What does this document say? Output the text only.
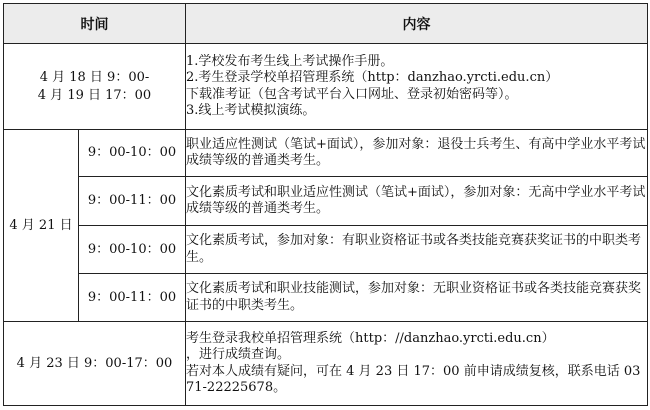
时间		内容

4 月 18 日 9：00-
4 月 19 日 17：00		1.学校发布考生线上考试操作手册。
2.考生登录学校单招管理系统（http：danzhao.yrcti.edu.cn）
下载准考证（包含考试平台入口网址、登录初始密码等）。
3.线上考试模拟演练。

4 月 21 日	9：00-10：00	职业适应性测试（笔试+面试），参加对象：退役士兵考生、有高中学业水平考试成绩等级的普通类考生。

	9：00-11：00	文化素质考试和职业适应性测试（笔试+面试），参加对象：无高中学业水平考试成绩等级的普通类考生。

	9：00-10：00	文化素质考试，参加对象：有职业资格证书或各类技能竞赛获奖证书的中职类考生。

	9：00-11：00	文化素质考试和职业技能测试，参加对象：无职业资格证书或各类技能竞赛获奖证书的中职类考生。

4 月 23 日 9：00-17：00		考生登录我校单招管理系统（http：//danzhao.yrcti.edu.cn）
，进行成绩查询。
若对本人成绩有疑问，可在 4 月 23 日 17：00 前申请成绩复核，联系电话 0371-22225678。
